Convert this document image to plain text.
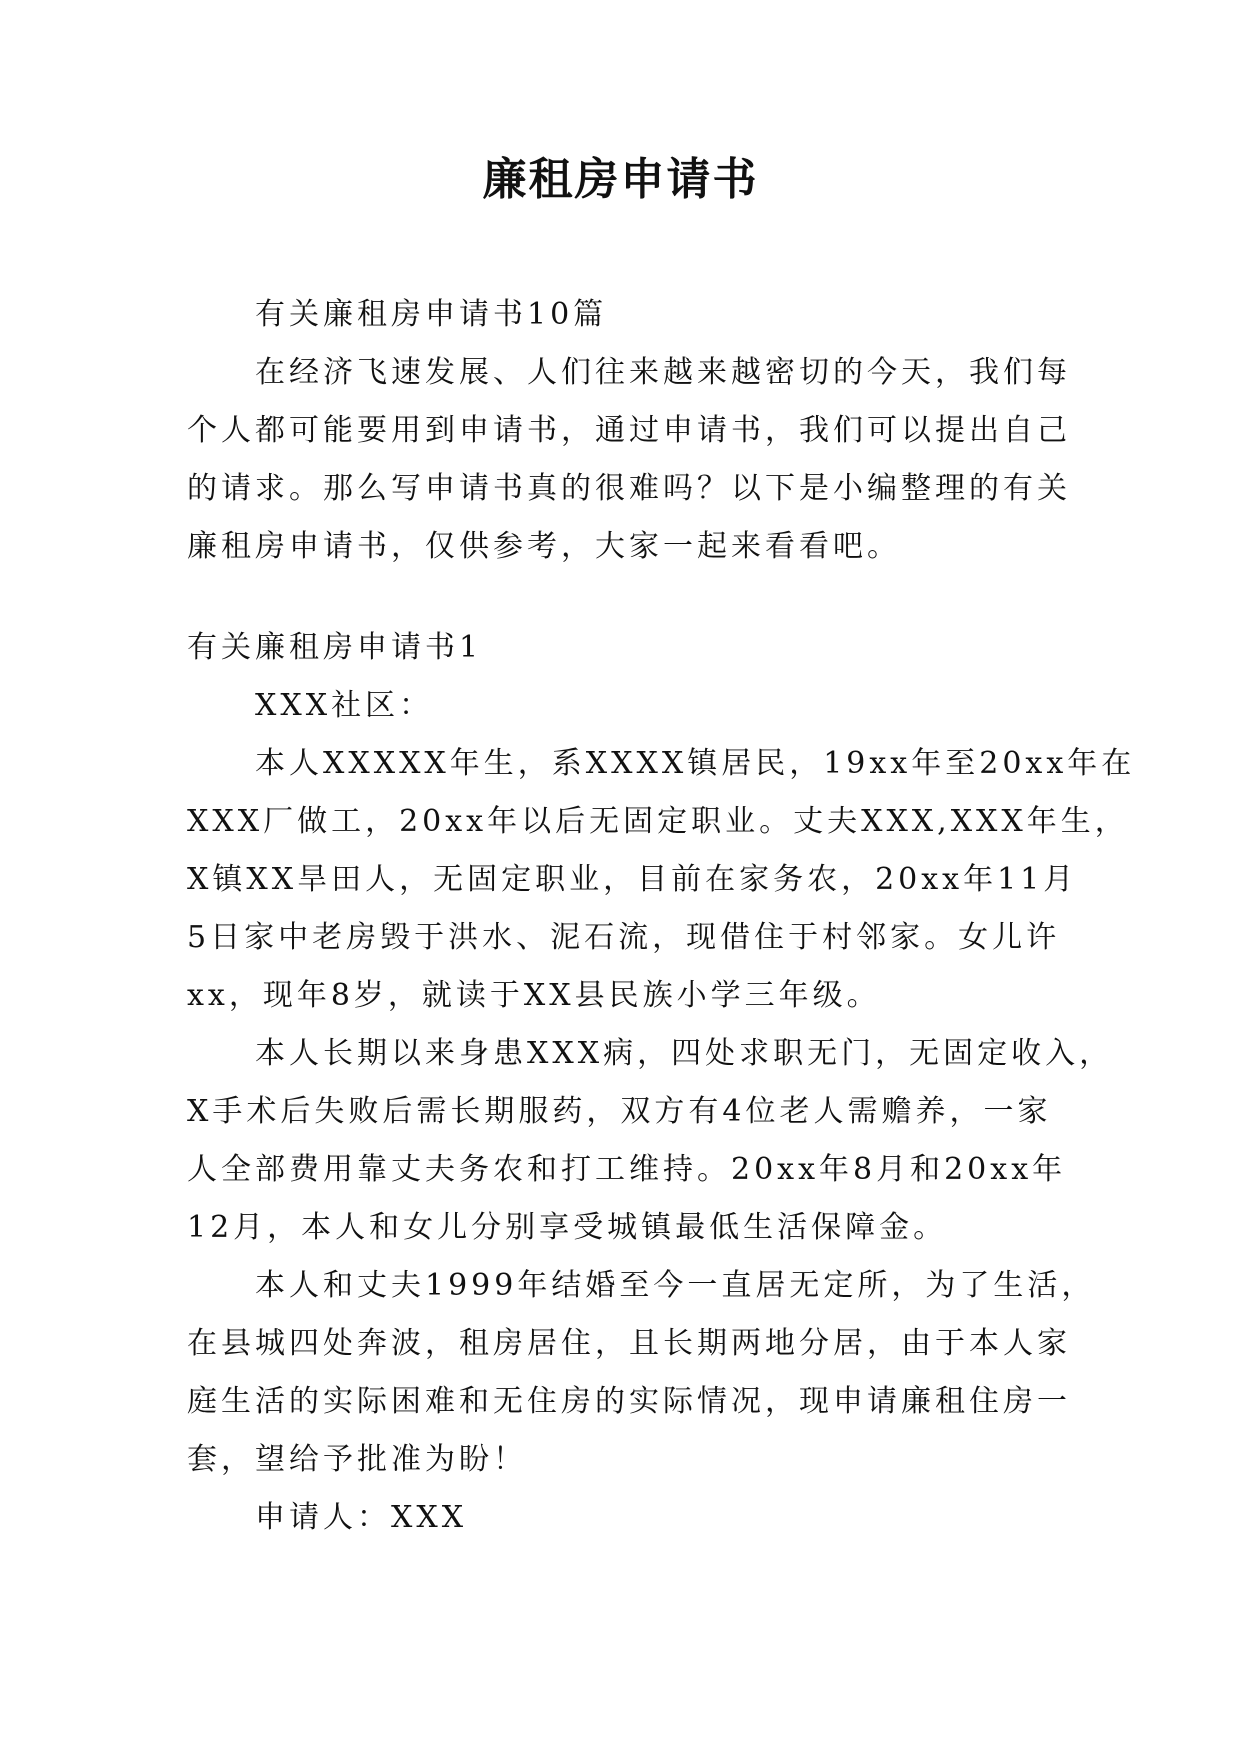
廉租房申请书
有关廉租房申请书10篇
在经济飞速发展、人们往来越来越密切的今天，我们每
个人都可能要用到申请书，通过申请书，我们可以提出自己
的请求。那么写申请书真的很难吗？以下是小编整理的有关
廉租房申请书，仅供参考，大家一起来看看吧。
有关廉租房申请书1
XXX社区：
本人XXXXX年生，系XXXX镇居民，19xx年至20xx年在
XXX厂做工，20xx年以后无固定职业。丈夫XXX,XXX年生，
X镇XX旱田人，无固定职业，目前在家务农，20xx年11月
5日家中老房毁于洪水、泥石流，现借住于村邻家。女儿许
xx，现年8岁，就读于XX县民族小学三年级。
本人长期以来身患XXX病，四处求职无门，无固定收入，
X手术后失败后需长期服药，双方有4位老人需赡养，一家
人全部费用靠丈夫务农和打工维持。20xx年8月和20xx年
12月，本人和女儿分别享受城镇最低生活保障金。
本人和丈夫1999年结婚至今一直居无定所，为了生活，
在县城四处奔波，租房居住，且长期两地分居，由于本人家
庭生活的实际困难和无住房的实际情况，现申请廉租住房一
套，望给予批准为盼！
申请人：XXX
